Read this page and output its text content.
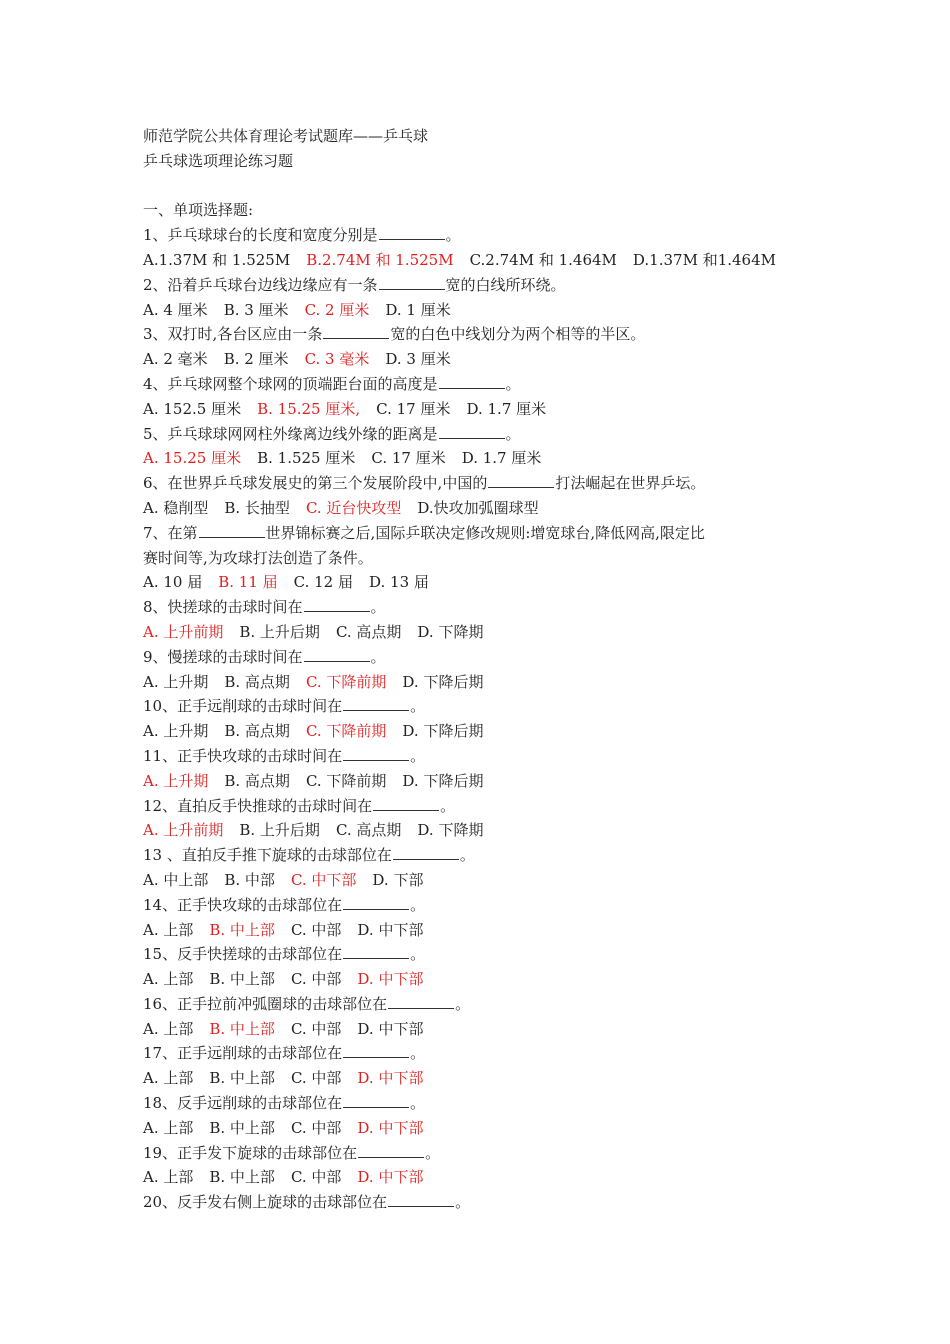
师范学院公共体育理论考试题库——乒乓球
乒乓球选项理论练习题
一、单项选择题:
1、乒乓球球台的长度和宽度分别是	。
A.1.37M 和 1.525M B.2.74M 和 1.525M C.2.74M 和 1.464M D.1.37M 和1.464M
2、沿着乒乓球台边线边缘应有一条	宽的白线所环绕。
A. 4 厘米 B. 3 厘米 C. 2 厘米 D. 1 厘米
3、双打时,各台区应由一条	宽的白色中线划分为两个相等的半区。
A. 2 毫米 B. 2 厘米 C. 3 毫米 D. 3 厘米
4、乒乓球网整个球网的顶端距台面的高度是	。
A. 152.5 厘米 B. 15.25 厘米, C. 17 厘米 D. 1.7 厘米
5、乒乓球球网网柱外缘离边线外缘的距离是	。
A. 15.25 厘米 B. 1.525 厘米 C. 17 厘米 D. 1.7 厘米
6、在世界乒乓球发展史的第三个发展阶段中,中国的	打法崛起在世界乒坛。
A. 稳削型 B. 长抽型 C. 近台快攻型 D.快攻加弧圈球型
7、在第	世界锦标赛之后,国际乒联决定修改规则:增宽球台,降低网高,限定比
赛时间等,为攻球打法创造了条件。
A. 10 届 B. 11 届 C. 12 届 D. 13 届
8、快搓球的击球时间在	。
A. 上升前期 B. 上升后期 C. 高点期 D. 下降期
9、慢搓球的击球时间在	。
A. 上升期 B. 高点期 C. 下降前期 D. 下降后期
10、正手远削球的击球时间在	。
A. 上升期 B. 高点期 C. 下降前期 D. 下降后期
11、正手快攻球的击球时间在	。
A. 上升期 B. 高点期 C. 下降前期 D. 下降后期
12、直拍反手快推球的击球时间在	。
A. 上升前期 B. 上升后期 C. 高点期 D. 下降期
13 、直拍反手推下旋球的击球部位在	。
A. 中上部 B. 中部 C. 中下部 D. 下部
14、正手快攻球的击球部位在	。
A. 上部 B. 中上部 C. 中部 D. 中下部
15、反手快搓球的击球部位在	。
A. 上部 B. 中上部 C. 中部 D. 中下部
16、正手拉前冲弧圈球的击球部位在	。
A. 上部 B. 中上部 C. 中部 D. 中下部
17、正手远削球的击球部位在	。
A. 上部 B. 中上部 C. 中部 D. 中下部
18、反手远削球的击球部位在	。
A. 上部 B. 中上部 C. 中部 D. 中下部
19、正手发下旋球的击球部位在	。
A. 上部 B. 中上部 C. 中部 D. 中下部
20、反手发右侧上旋球的击球部位在	。
